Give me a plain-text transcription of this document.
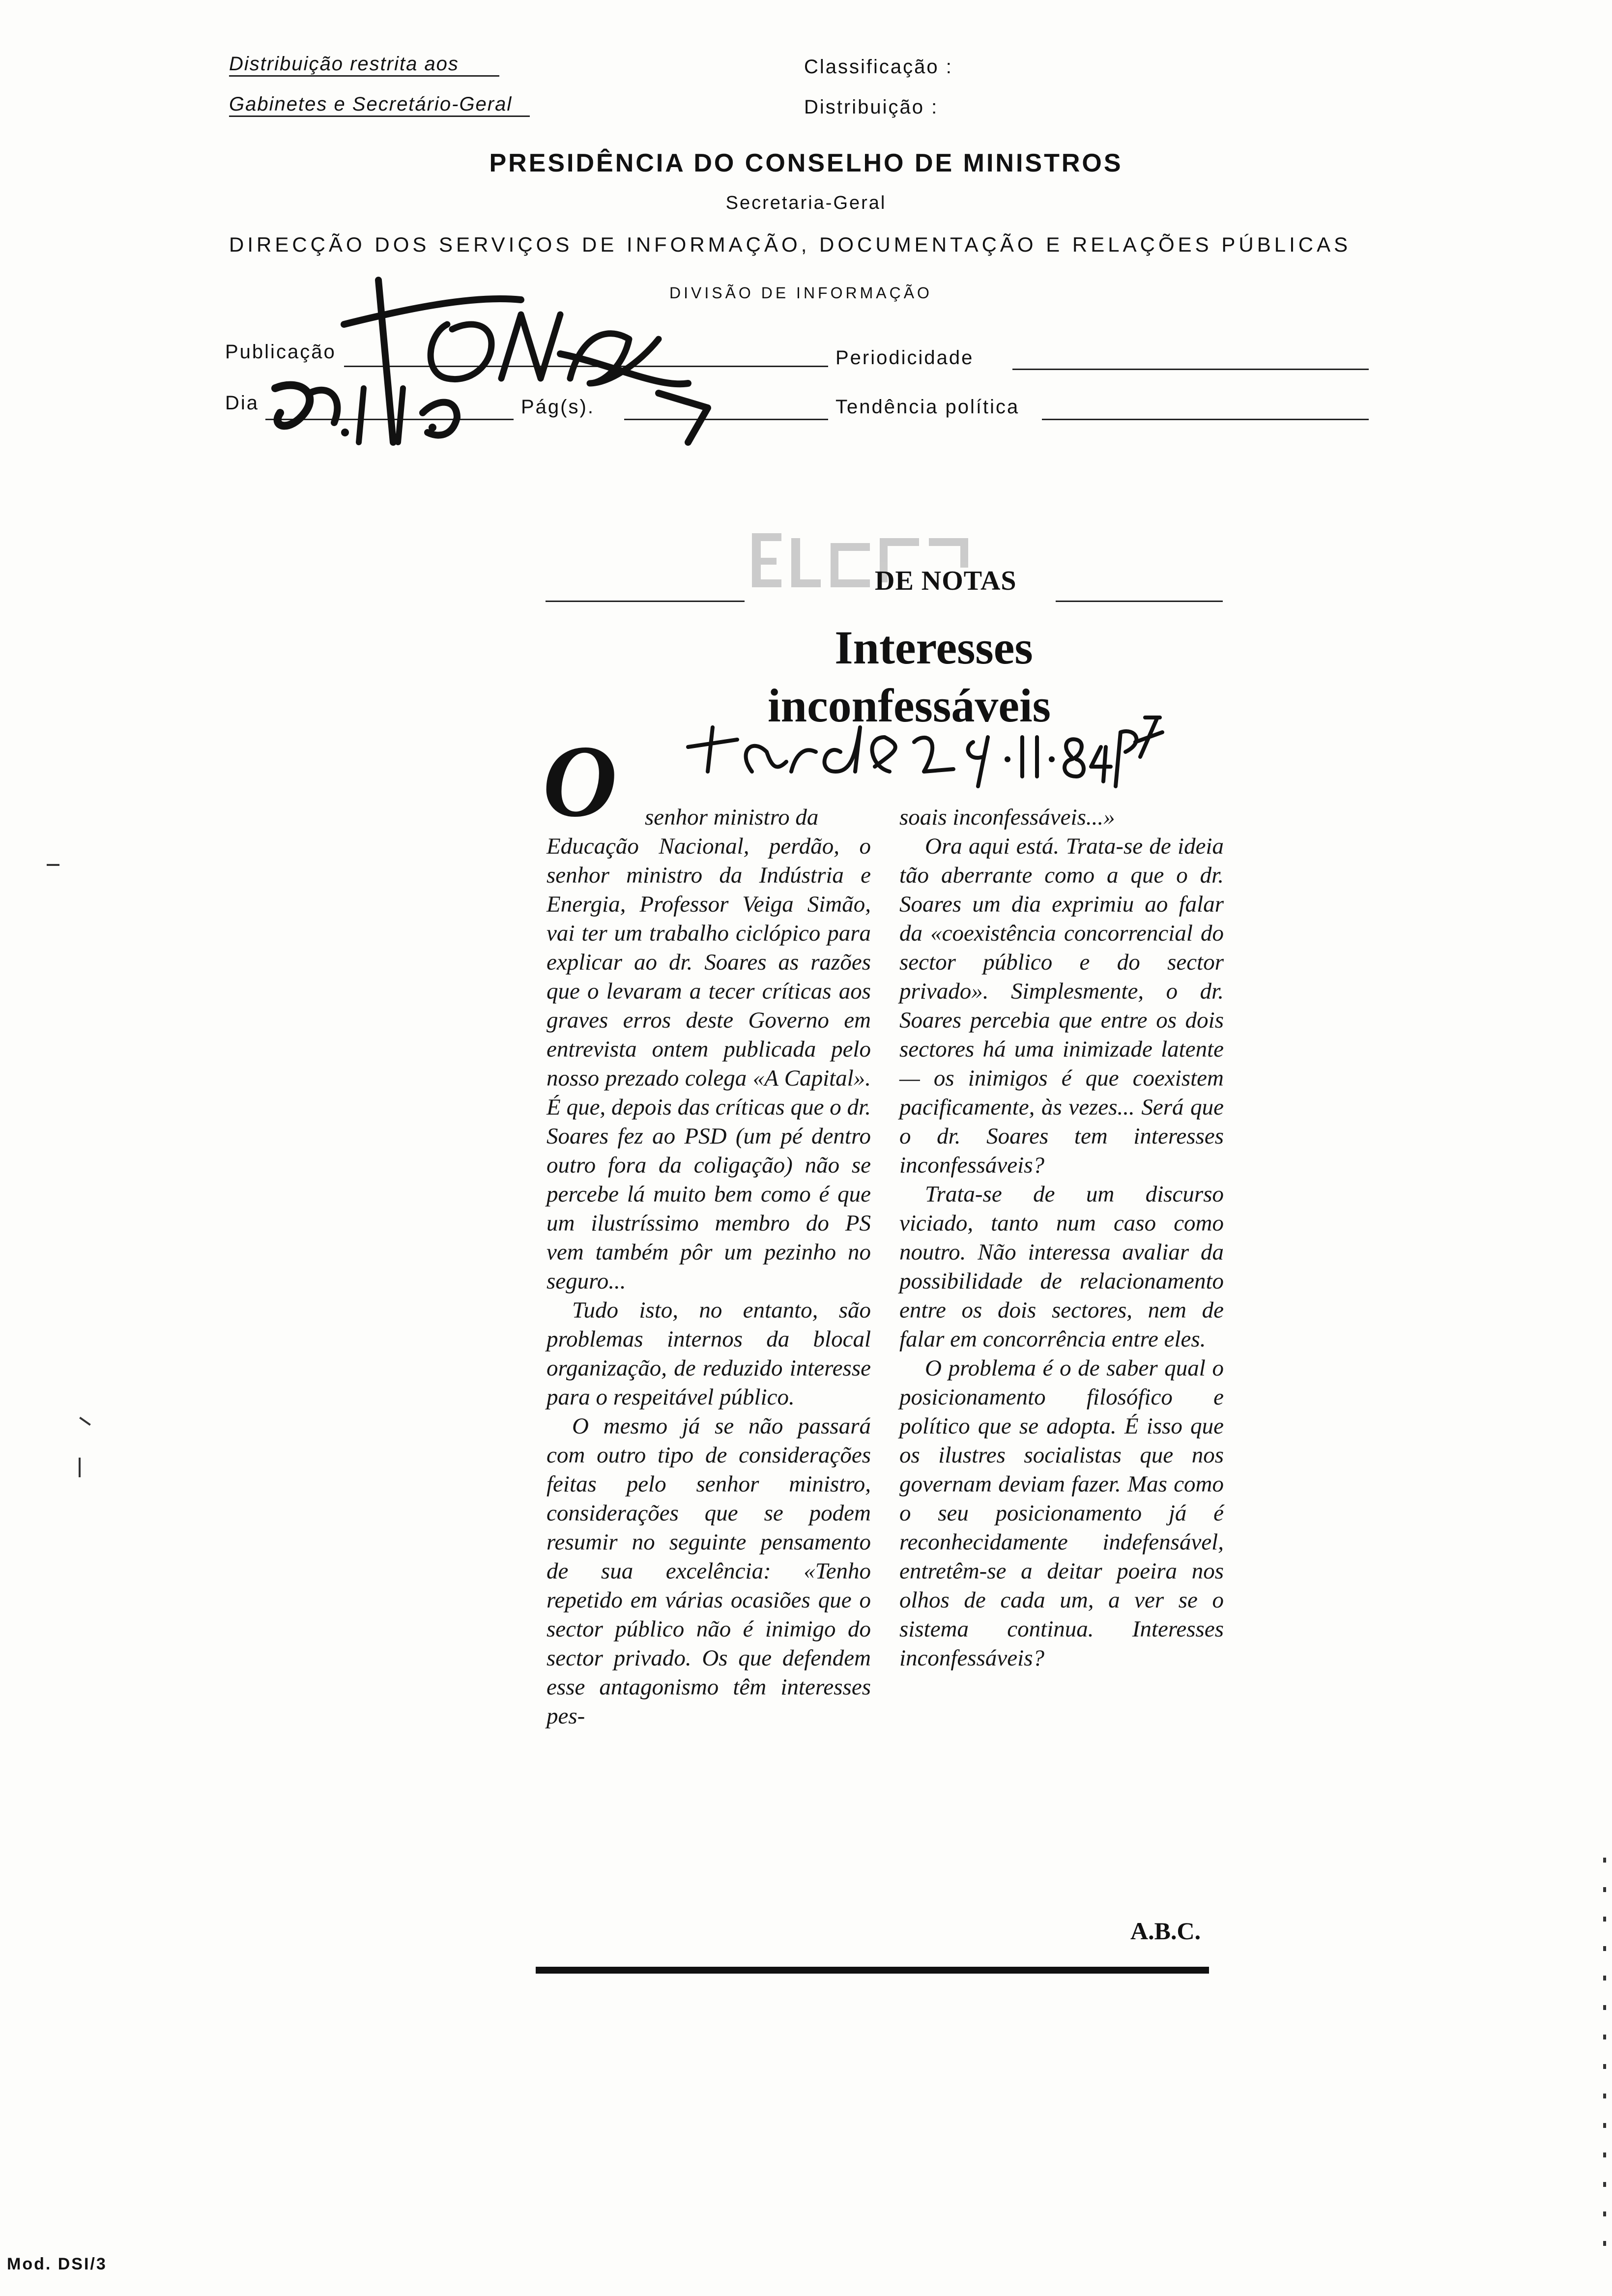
Distribuição restrita aos
Gabinetes e Secretário-Geral
Classificação :
Distribuição :
PRESIDÊNCIA DO CONSELHO DE MINISTROS
Secretaria-Geral
DIRECÇÃO DOS SERVIÇOS DE INFORMAÇÃO, DOCUMENTAÇÃO E RELAÇÕES PÚBLICAS
DIVISÃO DE INFORMAÇÃO
Publicação
Dia	Pág(s).
Periodicidade
Tendência política
DE NOTAS
Interesses
inconfessáveis
O	senhor ministro da

Educação Nacional, perdão, o senhor ministro da Indústria e Energia, Professor Veiga Simão, vai ter um trabalho ciclópico para explicar ao dr. Soares as razões que o levaram a tecer críticas aos graves erros deste Governo em entrevista ontem publicada pelo nosso prezado colega «A Capital». É que, depois das críticas que o dr. Soares fez ao PSD (um pé dentro outro fora da coligação) não se percebe lá muito bem como é que um ilustríssimo membro do PS vem também pôr um pezinho no seguro...

Tudo isto, no entanto, são problemas internos da blocal organização, de reduzido interesse para o respeitável público.

O mesmo já se não passará com outro tipo de considerações feitas pelo senhor ministro, considerações que se podem resumir no seguinte pensamento de sua excelência: «Tenho repetido em várias ocasiões que o sector público não é inimigo do sector privado. Os que defendem esse antagonismo têm interesses pes-

soais inconfessáveis...»

Ora aqui está. Trata-se de ideia tão aberrante como a que o dr. Soares um dia exprimiu ao falar da «coexistência concorrencial do sector público e do sector privado». Simplesmente, o dr. Soares percebia que entre os dois sectores há uma inimizade latente — os inimigos é que coexistem pacificamente, às vezes... Será que o dr. Soares tem interesses inconfessáveis?

Trata-se de um discurso viciado, tanto num caso como noutro. Não interessa avaliar da possibilidade de relacionamento entre os dois sectores, nem de falar em concorrência entre eles.

O problema é o de saber qual o posicionamento filosófico e político que se adopta. É isso que os ilustres socialistas que nos governam deviam fazer. Mas como o seu posicionamento já é reconhecidamente indefensável, entretêm-se a deitar poeira nos olhos de cada um, a ver se o sistema continua. Interesses inconfessáveis?

A.B.C.
Mod. DSI/3
